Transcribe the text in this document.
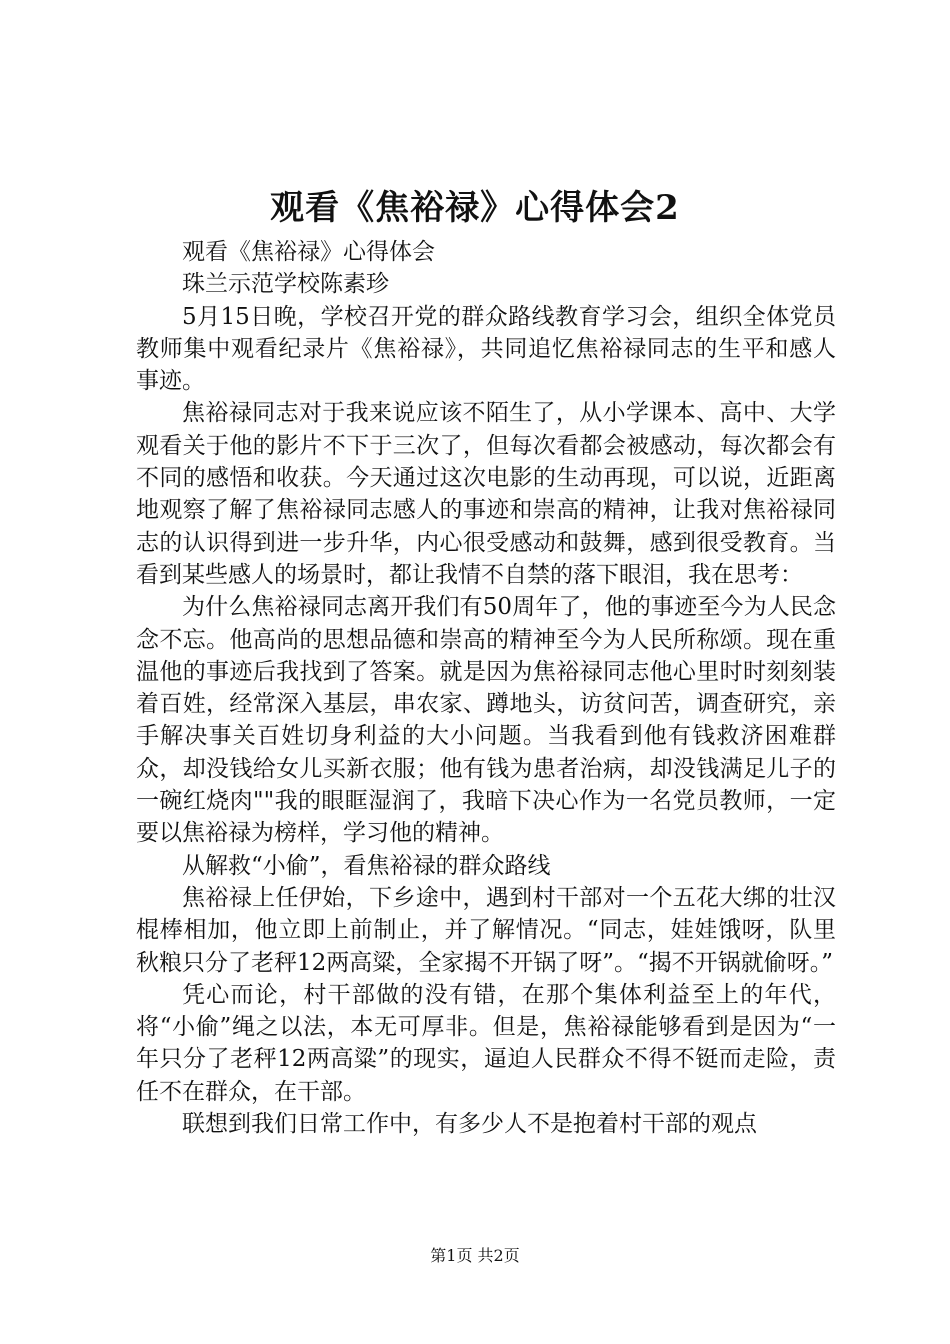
观看《焦裕禄》心得体会2

观看《焦裕禄》心得体会

珠兰示范学校陈素珍

5月15日晚，学校召开党的群众路线教育学习会，组织全体党员教师集中观看纪录片《焦裕禄》，共同追忆焦裕禄同志的生平和感人事迹。

焦裕禄同志对于我来说应该不陌生了，从小学课本、高中、大学观看关于他的影片不下于三次了，但每次看都会被感动，每次都会有不同的感悟和收获。今天通过这次电影的生动再现，可以说，近距离地观察了解了焦裕禄同志感人的事迹和崇高的精神，让我对焦裕禄同志的认识得到进一步升华，内心很受感动和鼓舞，感到很受教育。当看到某些感人的场景时，都让我情不自禁的落下眼泪，我在思考：

为什么焦裕禄同志离开我们有50周年了，他的事迹至今为人民念念不忘。他高尚的思想品德和崇高的精神至今为人民所称颂。现在重温他的事迹后我找到了答案。就是因为焦裕禄同志他心里时时刻刻装着百姓，经常深入基层，串农家、蹲地头，访贫问苦，调查研究，亲手解决事关百姓切身利益的大小问题。当我看到他有钱救济困难群众，却没钱给女儿买新衣服；他有钱为患者治病，却没钱满足儿子的一碗红烧肉""我的眼眶湿润了，我暗下决心作为一名党员教师，一定要以焦裕禄为榜样，学习他的精神。

从解救“小偷”，看焦裕禄的群众路线

焦裕禄上任伊始，下乡途中，遇到村干部对一个五花大绑的壮汉棍棒相加，他立即上前制止，并了解情况。“同志，娃娃饿呀，队里秋粮只分了老秤12两高粱，全家揭不开锅了呀”。“揭不开锅就偷呀。”

凭心而论，村干部做的没有错，在那个集体利益至上的年代，将“小偷”绳之以法，本无可厚非。但是，焦裕禄能够看到是因为“一年只分了老秤12两高粱”的现实，逼迫人民群众不得不铤而走险，责任不在群众，在干部。

联想到我们日常工作中，有多少人不是抱着村干部的观点

第1页 共2页
